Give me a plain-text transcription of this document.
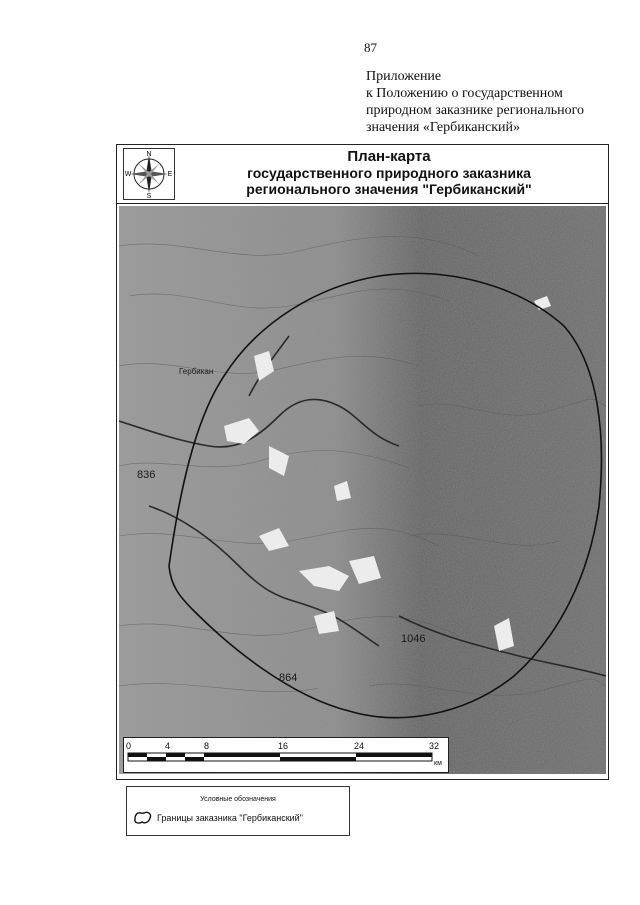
87
Приложение
к Положению о государственном
природном заказнике регионального
значения «Гербиканский»
N
S
E
W
План-карта
государственного природного заказника
регионального значения "Гербиканский"
836
864
1046
Гербикан
0	4	8	16	24	32
км
Условные обозначения
Границы заказника "Гербиканский"
